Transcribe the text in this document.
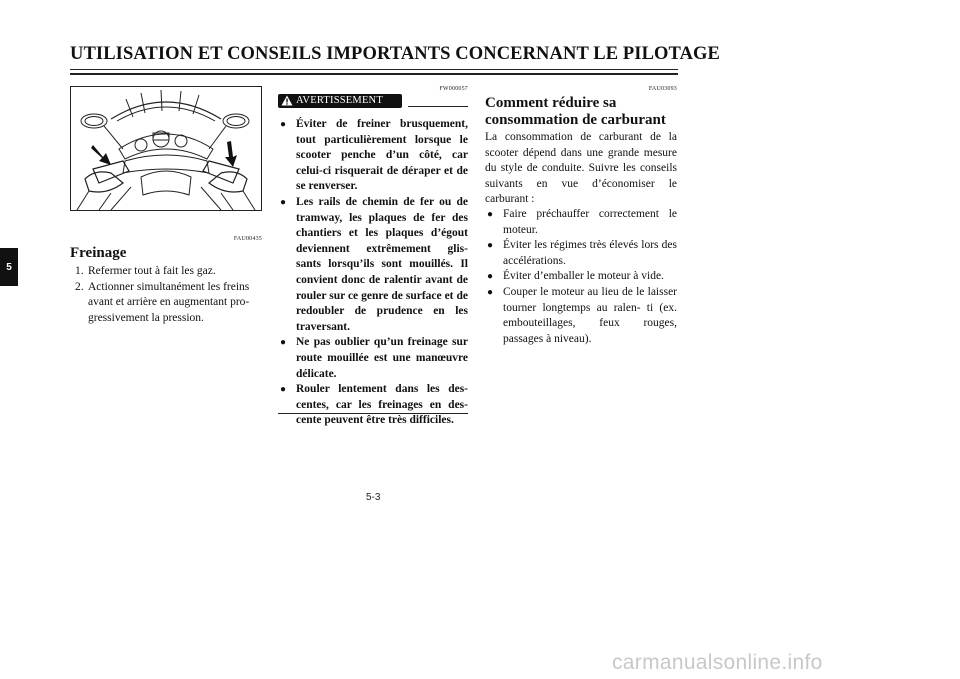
UTILISATION ET CONSEILS IMPORTANTS CONCERNANT LE PILOTAGE
5
FAU00435
Freinage
1. Refermer tout à fait les gaz.
2. Actionner simultanément les freins avant et arrière en augmentant pro- gressivement la pression.
FW000057
AVERTISSEMENT
● Éviter de freiner brusquement, tout particulièrement lorsque le scooter penche d’un côté, car celui-ci risquerait de déraper et de se renverser.
● Les rails de chemin de fer ou de tramway, les plaques de fer des chantiers et les plaques d’égout deviennent extrêmement glis- sants lorsqu’ils sont mouillés. Il convient donc de ralentir avant de rouler sur ce genre de surface et de redoubler de prudence en les traversant.
● Ne pas oublier qu’un freinage sur route mouillée est une manœuvre délicate.
● Rouler lentement dans les des- centes, car les freinages en des- cente peuvent être très difficiles.
FAU03093
Comment réduire sa
consommation de carburant

La consommation de carburant de la scooter dépend dans une grande mesure du style de conduite. Suivre les conseils suivants en vue d’économiser le carburant :

● Faire préchauffer correctement le moteur.
● Éviter les régimes très élevés lors des accélérations.
● Éviter d’emballer le moteur à vide.
● Couper le moteur au lieu de le laisser tourner longtemps au ralen- ti (ex. embouteillages, feux rouges, passages à niveau).
5-3
carmanualsonline.info
